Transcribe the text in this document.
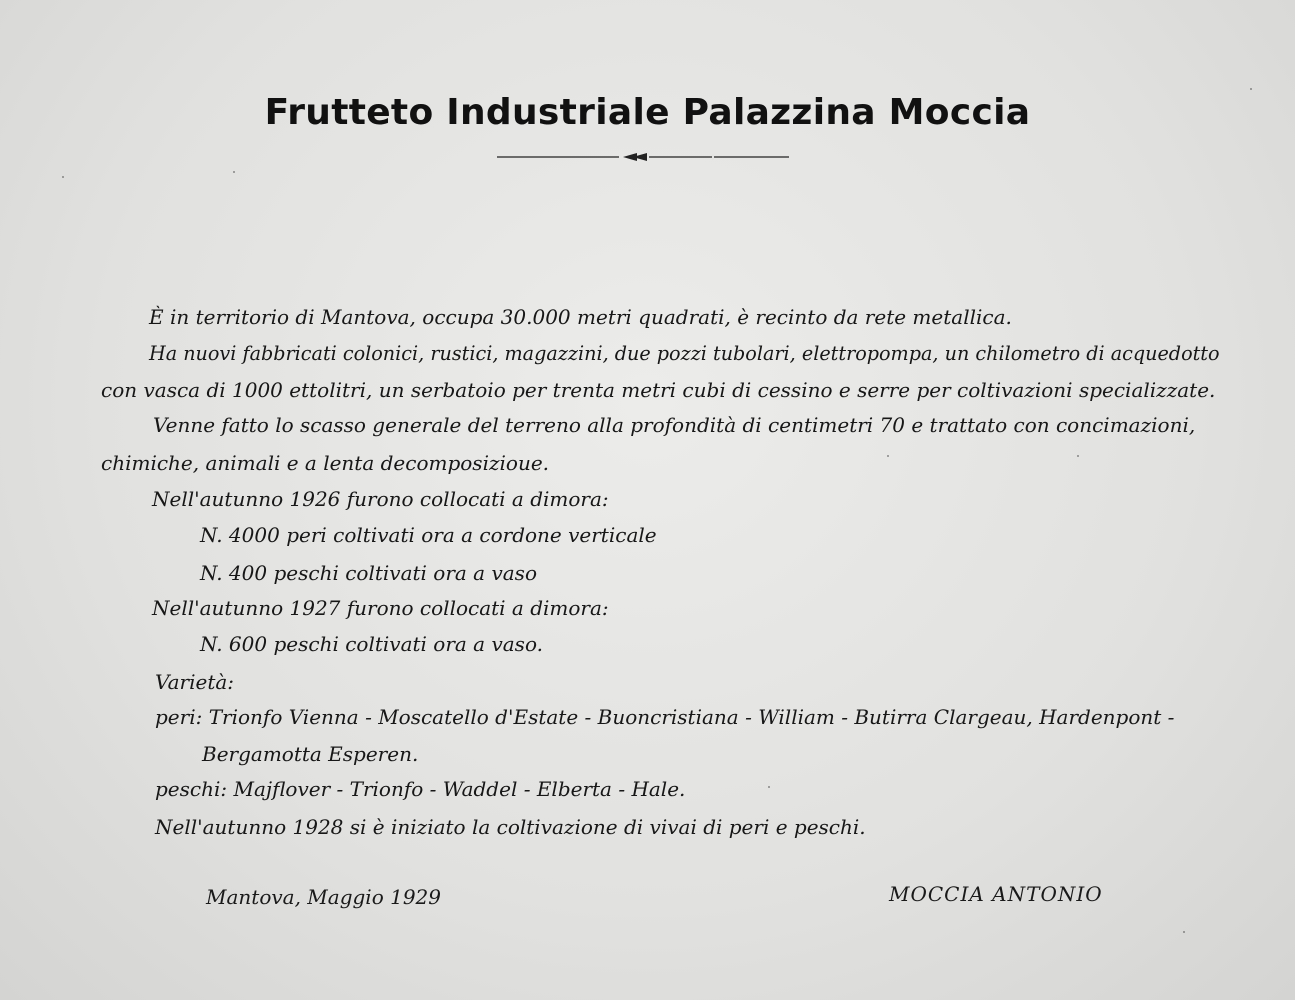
Frutteto Industriale Palazzina Moccia
È in territorio di Mantova, occupa 30.000 metri quadrati, è recinto da rete metallica.
Ha nuovi fabbricati colonici, rustici, magazzini, due pozzi tubolari, elettropompa, un chilometro di acquedotto
con vasca di 1000 ettolitri, un serbatoio per trenta metri cubi di cessino e serre per coltivazioni specializzate.
Venne fatto lo scasso generale del terreno alla profondità di centimetri 70 e trattato con concimazioni,
chimiche, animali e a lenta decomposizioue.
Nell'autunno 1926 furono collocati a dimora:
N. 4000 peri coltivati ora a cordone verticale
N. 400 peschi coltivati ora a vaso
Nell'autunno 1927 furono collocati a dimora:
N. 600 peschi coltivati ora a vaso.
Varietà:
peri: Trionfo Vienna - Moscatello d'Estate - Buoncristiana - William - Butirra Clargeau, Hardenpont -
Bergamotta Esperen.
peschi: Majflover - Trionfo - Waddel - Elberta - Hale.
Nell'autunno 1928 si è iniziato la coltivazione di vivai di peri e peschi.
Mantova, Maggio 1929	MOCCIA ANTONIO
